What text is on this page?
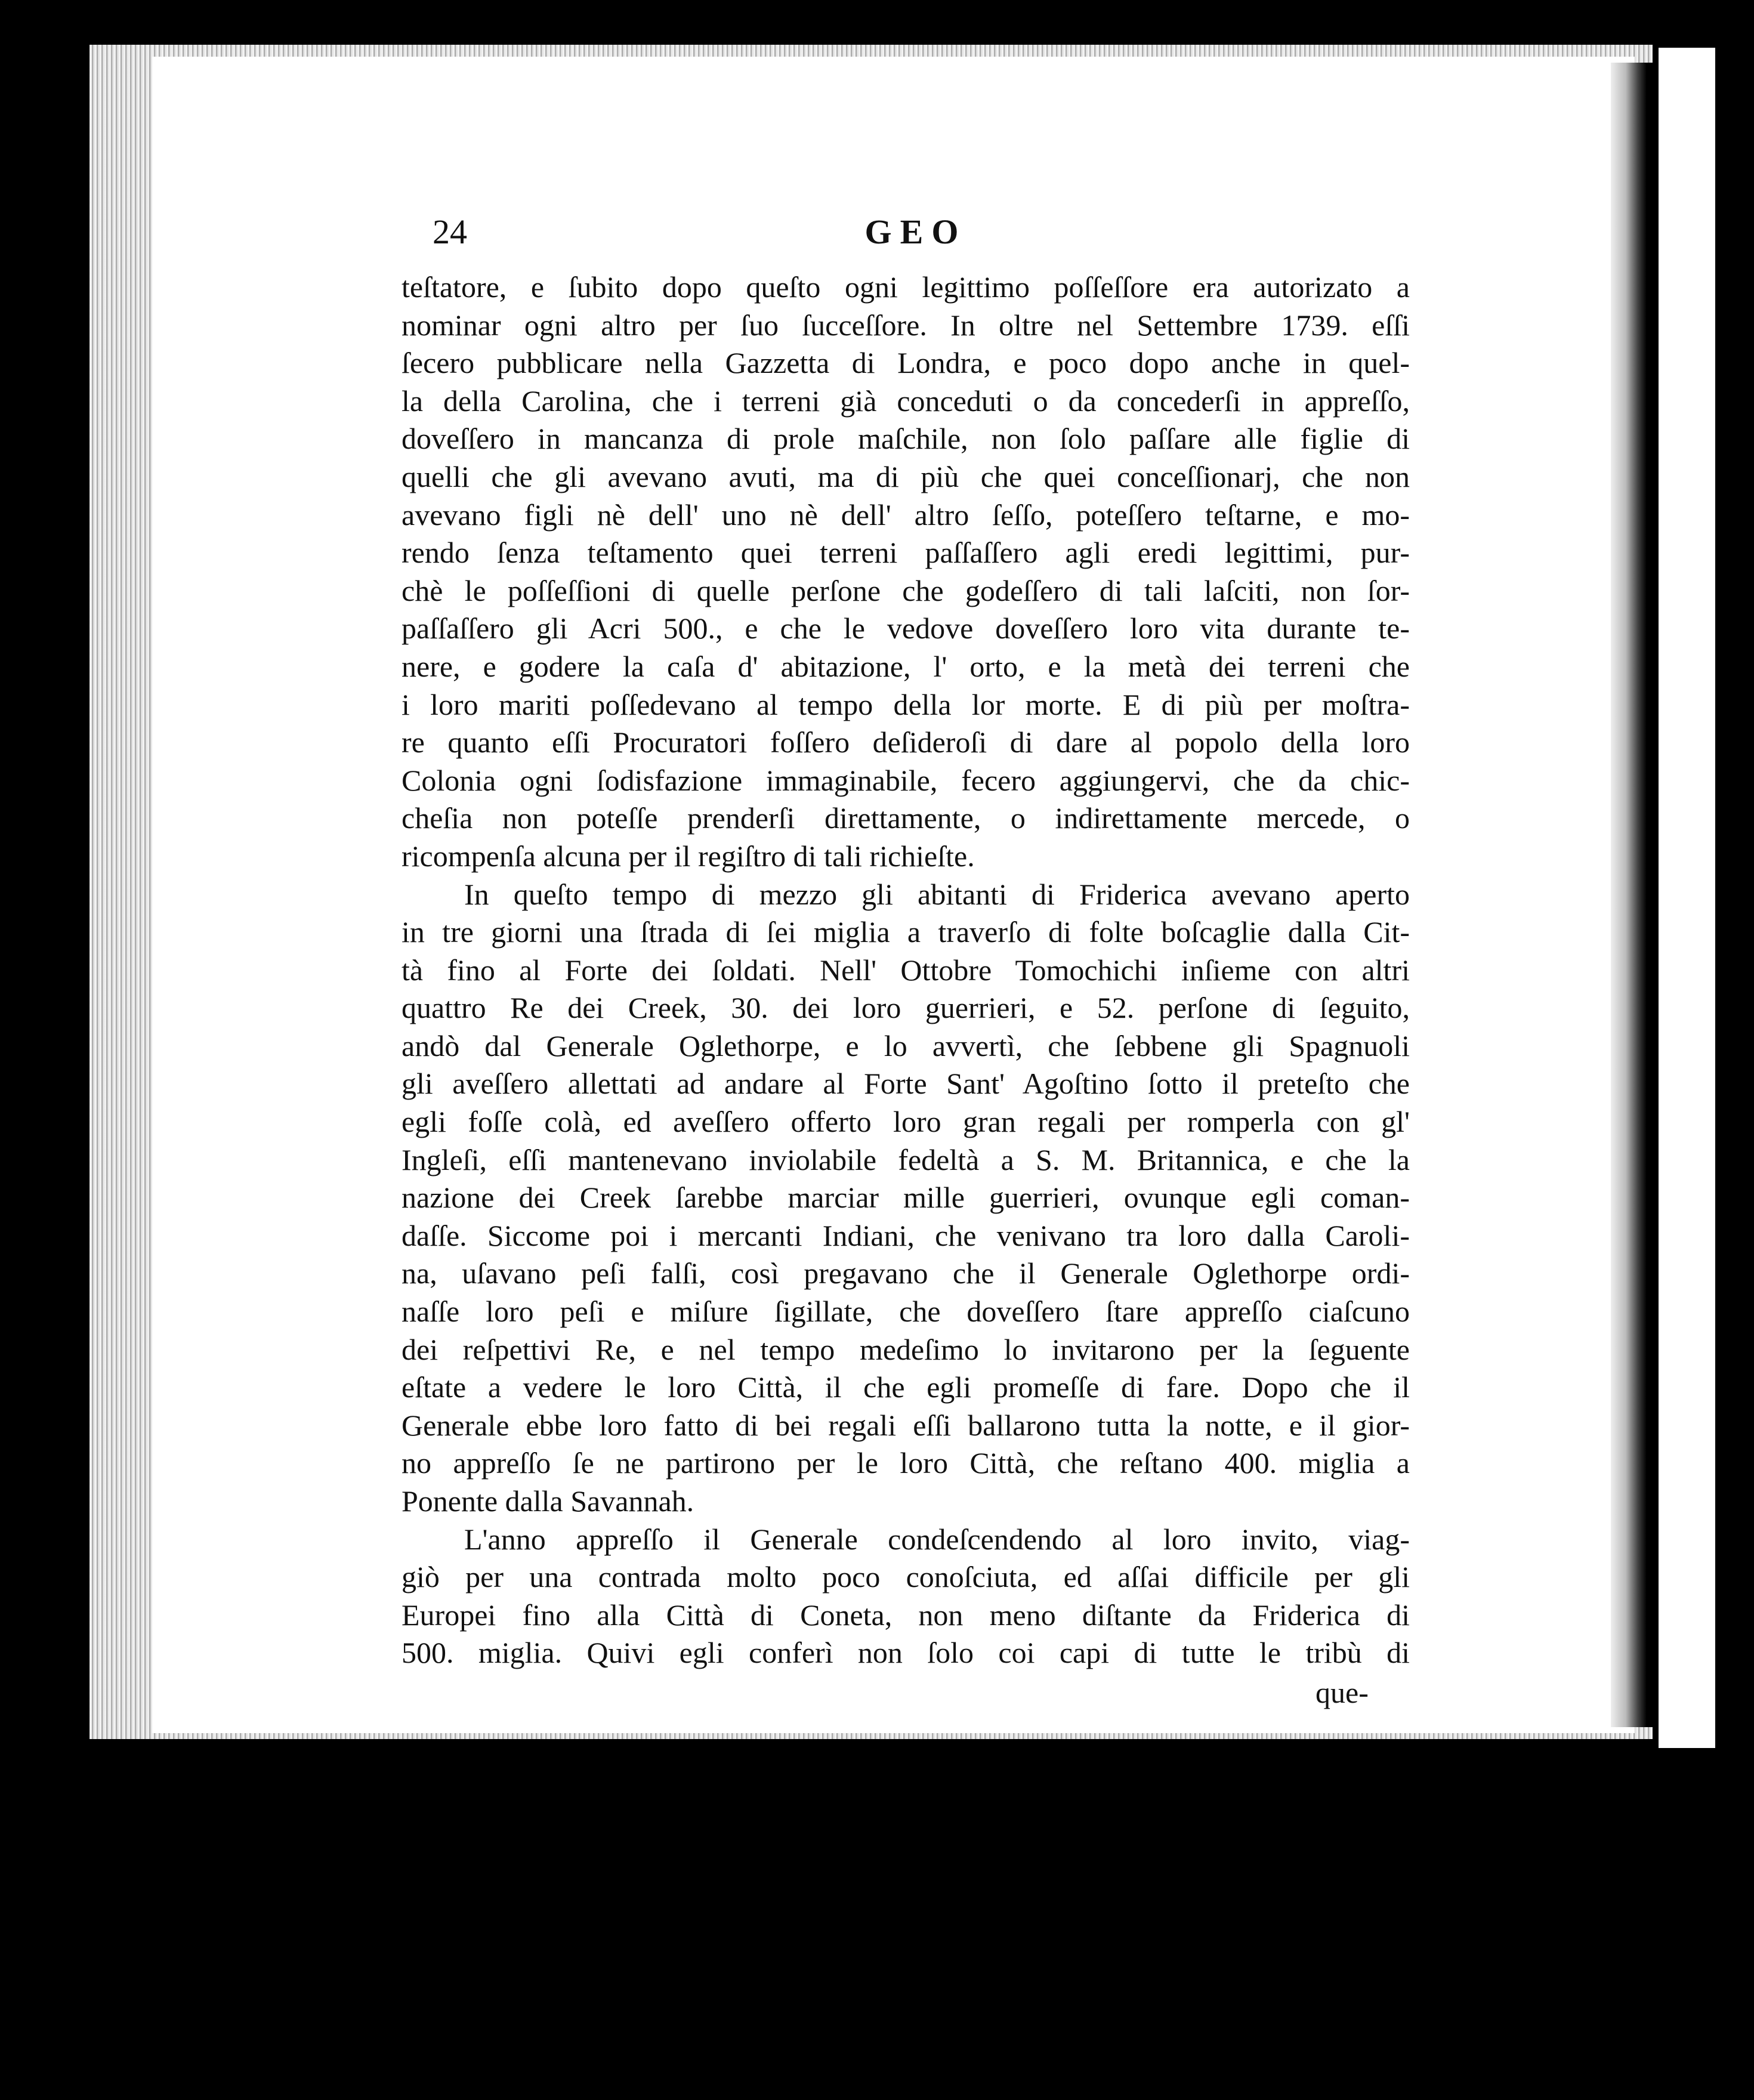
24	GEO
teſtatore, e ſubito dopo queſto ogni legittimo poſſeſſore era autorizato a
nominar ogni altro per ſuo ſucceſſore. In oltre nel Settembre 1739. eſſi
ſecero pubblicare nella Gazzetta di Londra, e poco dopo anche in quel-
la della Carolina, che i terreni già conceduti o da concederſi in appreſſo,
doveſſero in mancanza di prole maſchile, non ſolo paſſare alle figlie di
quelli che gli avevano avuti, ma di più che quei conceſſionarj, che non
avevano figli nè dell' uno nè dell' altro ſeſſo, poteſſero teſtarne, e mo-
rendo ſenza teſtamento quei terreni paſſaſſero agli eredi legittimi, pur-
chè le poſſeſſioni di quelle perſone che godeſſero di tali laſciti, non ſor-
paſſaſſero gli Acri 500., e che le vedove doveſſero loro vita durante te-
nere, e godere la caſa d' abitazione, l' orto, e la metà dei terreni che
i loro mariti poſſedevano al tempo della lor morte. E di più per moſtra-
re quanto eſſi Procuratori foſſero deſideroſi di dare al popolo della loro
Colonia ogni ſodisfazione immaginabile, fecero aggiungervi, che da chic-
cheſia non poteſſe prenderſi direttamente, o indirettamente mercede, o
ricompenſa alcuna per il regiſtro di tali richieſte.
In queſto tempo di mezzo gli abitanti di Friderica avevano aperto
in tre giorni una ſtrada di ſei miglia a traverſo di folte boſcaglie dalla Cit-
tà fino al Forte dei ſoldati. Nell' Ottobre Tomochichi inſieme con altri
quattro Re dei Creek, 30. dei loro guerrieri, e 52. perſone di ſeguito,
andò dal Generale Oglethorpe, e lo avvertì, che ſebbene gli Spagnuoli
gli aveſſero allettati ad andare al Forte Sant' Agoſtino ſotto il preteſto che
egli foſſe colà, ed aveſſero offerto loro gran regali per romperla con gl'
Ingleſi, eſſi mantenevano inviolabile fedeltà a S. M. Britannica, e che la
nazione dei Creek ſarebbe marciar mille guerrieri, ovunque egli coman-
daſſe. Siccome poi i mercanti Indiani, che venivano tra loro dalla Caroli-
na, uſavano peſi falſi, così pregavano che il Generale Oglethorpe ordi-
naſſe loro peſi e miſure ſigillate, che doveſſero ſtare appreſſo ciaſcuno
dei reſpettivi Re, e nel tempo medeſimo lo invitarono per la ſeguente
eſtate a vedere le loro Città, il che egli promeſſe di fare. Dopo che il
Generale ebbe loro fatto di bei regali eſſi ballarono tutta la notte, e il gior-
no appreſſo ſe ne partirono per le loro Città, che reſtano 400. miglia a
Ponente dalla Savannah.
L'anno appreſſo il Generale condeſcendendo al loro invito, viag-
giò per una contrada molto poco conoſciuta, ed aſſai difficile per gli
Europei fino alla Città di Coneta, non meno diſtante da Friderica di
500. miglia. Quivi egli conferì non ſolo coi capi di tutte le tribù di
que-
